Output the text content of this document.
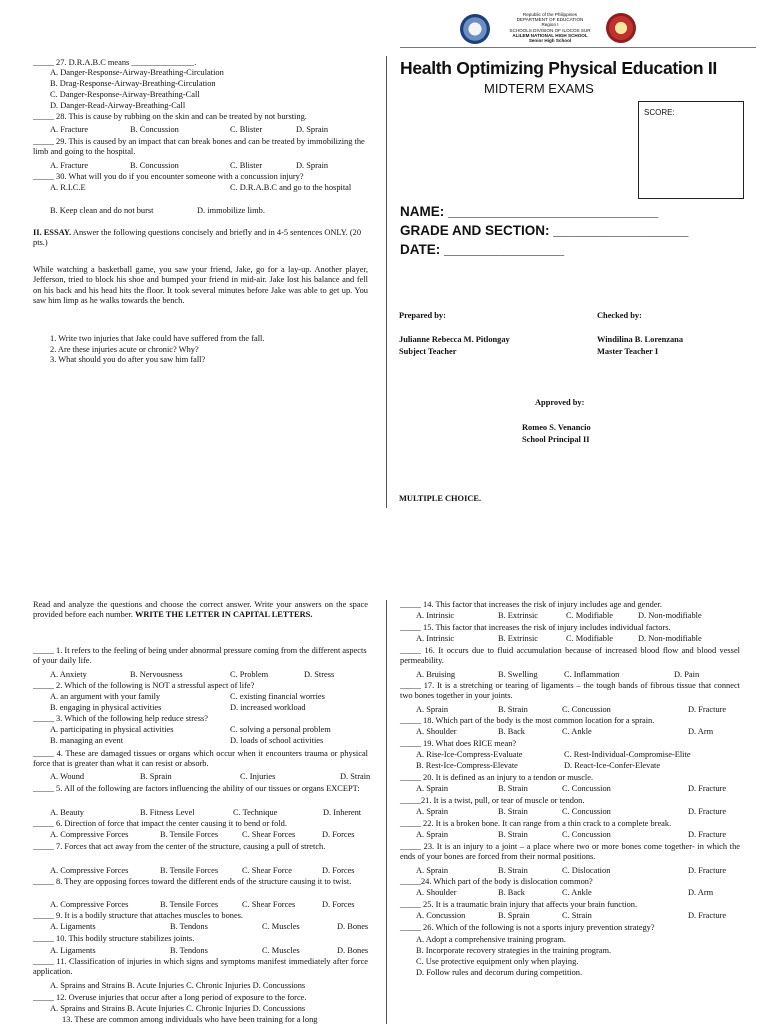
Republic of the Philippines
DEPARTMENT OF EDUCATION
Region I
SCHOOLS DIVISION OF ILOCOS SUR
ALILEM NATIONAL HIGH SCHOOL
Senior High School
_____ 27. D.R.A.B.C means _______________.
A. Danger-Response-Airway-Breathing-Circulation
B. Drag-Response-Airway-Breathing-Circulation
C. Danger-Response-Airway-Breathing-Call
D. Danger-Read-Airway-Breathing-Call
_____ 28. This is cause by rubbing on the skin and can be treated by not bursting.
A. Fracture	B. Concussion	C. Blister	D. Sprain
_____ 29. This is caused by an impact that can break bones and can be treated by immobilizing the limb and going to the hospital.
A. Fracture	B. Concussion	C. Blister	D. Sprain
_____ 30. What will you do if you encounter someone with a concussion injury?
A. R.I.C.E	C. D.R.A.B.C and go to the hospital
B. Keep clean and do not burst	D. immobilize limb.
II. ESSAY. Answer the following questions concisely and briefly and in 4-5 sentences ONLY. (20 pts.)
While watching a basketball game, you saw your friend, Jake, go for a lay-up. Another player, Jefferson, tried to block his shoe and bumped your friend in mid-air. Jake lost his balance and fell on his back and his head hits the floor. It took several minutes before Jake was able to get up. You saw him limp as he walks towards the bench.
1. Write two injuries that Jake could have suffered from the fall.
2. Are these injuries acute or chronic? Why?
3. What should you do after you saw him fall?
Health Optimizing Physical Education II
MIDTERM EXAMS
SCORE:
NAME: ____________________________
GRADE AND SECTION: __________________
DATE: ________________
Prepared by:	Checked by:
Julianne Rebecca M. Pitlongay
Subject Teacher
Windilina B. Lorenzana
Master Teacher I
Approved by:
Romeo S. Venancio
School Principal II
MULTIPLE CHOICE.
Read and analyze the questions and choose the correct answer. Write your answers on the space provided before each number. WRITE THE LETTER IN CAPITAL LETTERS.
_____ 1. It refers to the feeling of being under abnormal pressure coming from the different aspects of your daily life.
A. Anxiety	B. Nervousness	C. Problem	D. Stress
_____ 2. Which of the following is NOT a stressful aspect of life?
A. an argument with your family	C. existing financial worries
B. engaging in physical activities	D. increased workload
_____ 3. Which of the following help reduce stress?
A. participating in physical activities	C. solving a personal problem
B. managing an event	D. loads of school activities
_____ 4. These are damaged tissues or organs which occur when it encounters trauma or physical force that is greater than what it can resist or absorb.
A. Wound	B. Sprain	C. Injuries	D. Strain
_____ 5. All of the following are factors influencing the ability of our tissues or organs EXCEPT:
A. Beauty	B. Fitness Level	C. Technique	D. Inherent
_____ 6. Direction of force that impact the center causing it to bend or fold.
A. Compressive Forces	B. Tensile Forces	C. Shear Forces	D. Forces
_____ 7. Forces that act away from the center of the structure, causing a pull of stretch.
A. Compressive Forces	B. Tensile Forces	C. Shear Force	D. Forces
_____ 8. They are opposing forces toward the different ends of the structure causing it to twist.
A. Compressive Forces	B. Tensile Forces	C. Shear Forces	D. Forces
_____ 9. It is a bodily structure that attaches muscles to bones.
A. Ligaments	B. Tendons	C. Muscles	D. Bones
_____ 10. This bodily structure stabilizes joints.
A. Ligaments	B. Tendons	C. Muscles	D. Bones
_____ 11. Classification of injuries in which signs and symptoms manifest immediately after force application.
A. Sprains and Strains B. Acute Injuries C. Chronic Injuries D. Concussions
_____ 12. Overuse injuries that occur after a long period of exposure to the force.
A. Sprains and Strains B. Acute Injuries C. Chronic Injuries D. Concussions
13. These are common among individuals who have been training for a long
_____ 14. This factor that increases the risk of injury includes age and gender.
A. Intrinsic	B. Extrinsic	C. Modifiable	D. Non-modifiable
_____ 15. This factor that increases the risk of injury includes individual factors.
A. Intrinsic	B. Extrinsic	C. Modifiable	D. Non-modifiable
_____ 16. It occurs due to fluid accumulation because of increased blood flow and blood vessel permeability.
A. Bruising	B. Swelling	C. Inflammation	D. Pain
_____ 17. It is a stretching or tearing of ligaments – the tough bands of fibrous tissue that connect two bones together in your joints.
A. Sprain	B. Strain	C. Concussion	D. Fracture
_____ 18. Which part of the body is the most common location for a sprain.
A. Shoulder	B. Back	C. Ankle	D. Arm
_____ 19. What does RICE mean?
A. Rise-Ice-Compress-Evaluate	C. Rest-Individual-Compromise-Elite
B. Rest-Ice-Compress-Elevate	D. React-Ice-Confer-Elevate
_____ 20. It is defined as an injury to a tendon or muscle.
A. Sprain	B. Strain	C. Concussion	D. Fracture
_____21. It is a twist, pull, or tear of muscle or tendon.
A. Sprain	B. Strain	C. Concussion	D. Fracture
_____ 22. It is a broken bone. It can range from a thin crack to a complete break.
A. Sprain	B. Strain	C. Concussion	D. Fracture
_____ 23. It is an injury to a joint – a place where two or more bones come together- in which the ends of your bones are forced from their normal positions.
A. Sprain	B. Strain	C. Dislocation	D. Fracture
_____24. Which part of the body is dislocation common?
A. Shoulder	B. Back	C. Ankle	D. Arm
_____ 25. It is a traumatic brain injury that affects your brain function.
A. Concussion	B. Sprain	C. Strain	D. Fracture
_____ 26. Which of the following is not a sports injury prevention strategy?
A. Adopt a comprehensive training program.
B. Incorporate recovery strategies in the training program.
C. Use protective equipment only when playing.
D. Follow rules and decorum during competition.
